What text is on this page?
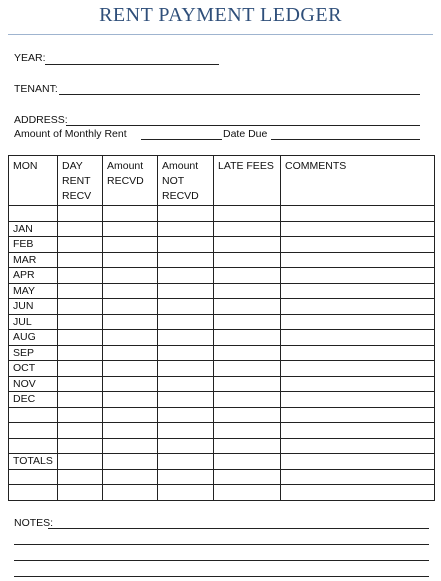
RENT PAYMENT LEDGER
YEAR:
TENANT:
ADDRESS:
Amount of Monthly Rent	Date Due
MON	DAY RENT RECV	Amount RECVD	Amount NOT RECVD	LATE FEES	COMMENTS

JAN					
FEB					
MAR					
APR					
MAY					
JUN					
JUL					
AUG					
SEP					
OCT					
NOV					
DEC					

TOTALS					

NOTES:
